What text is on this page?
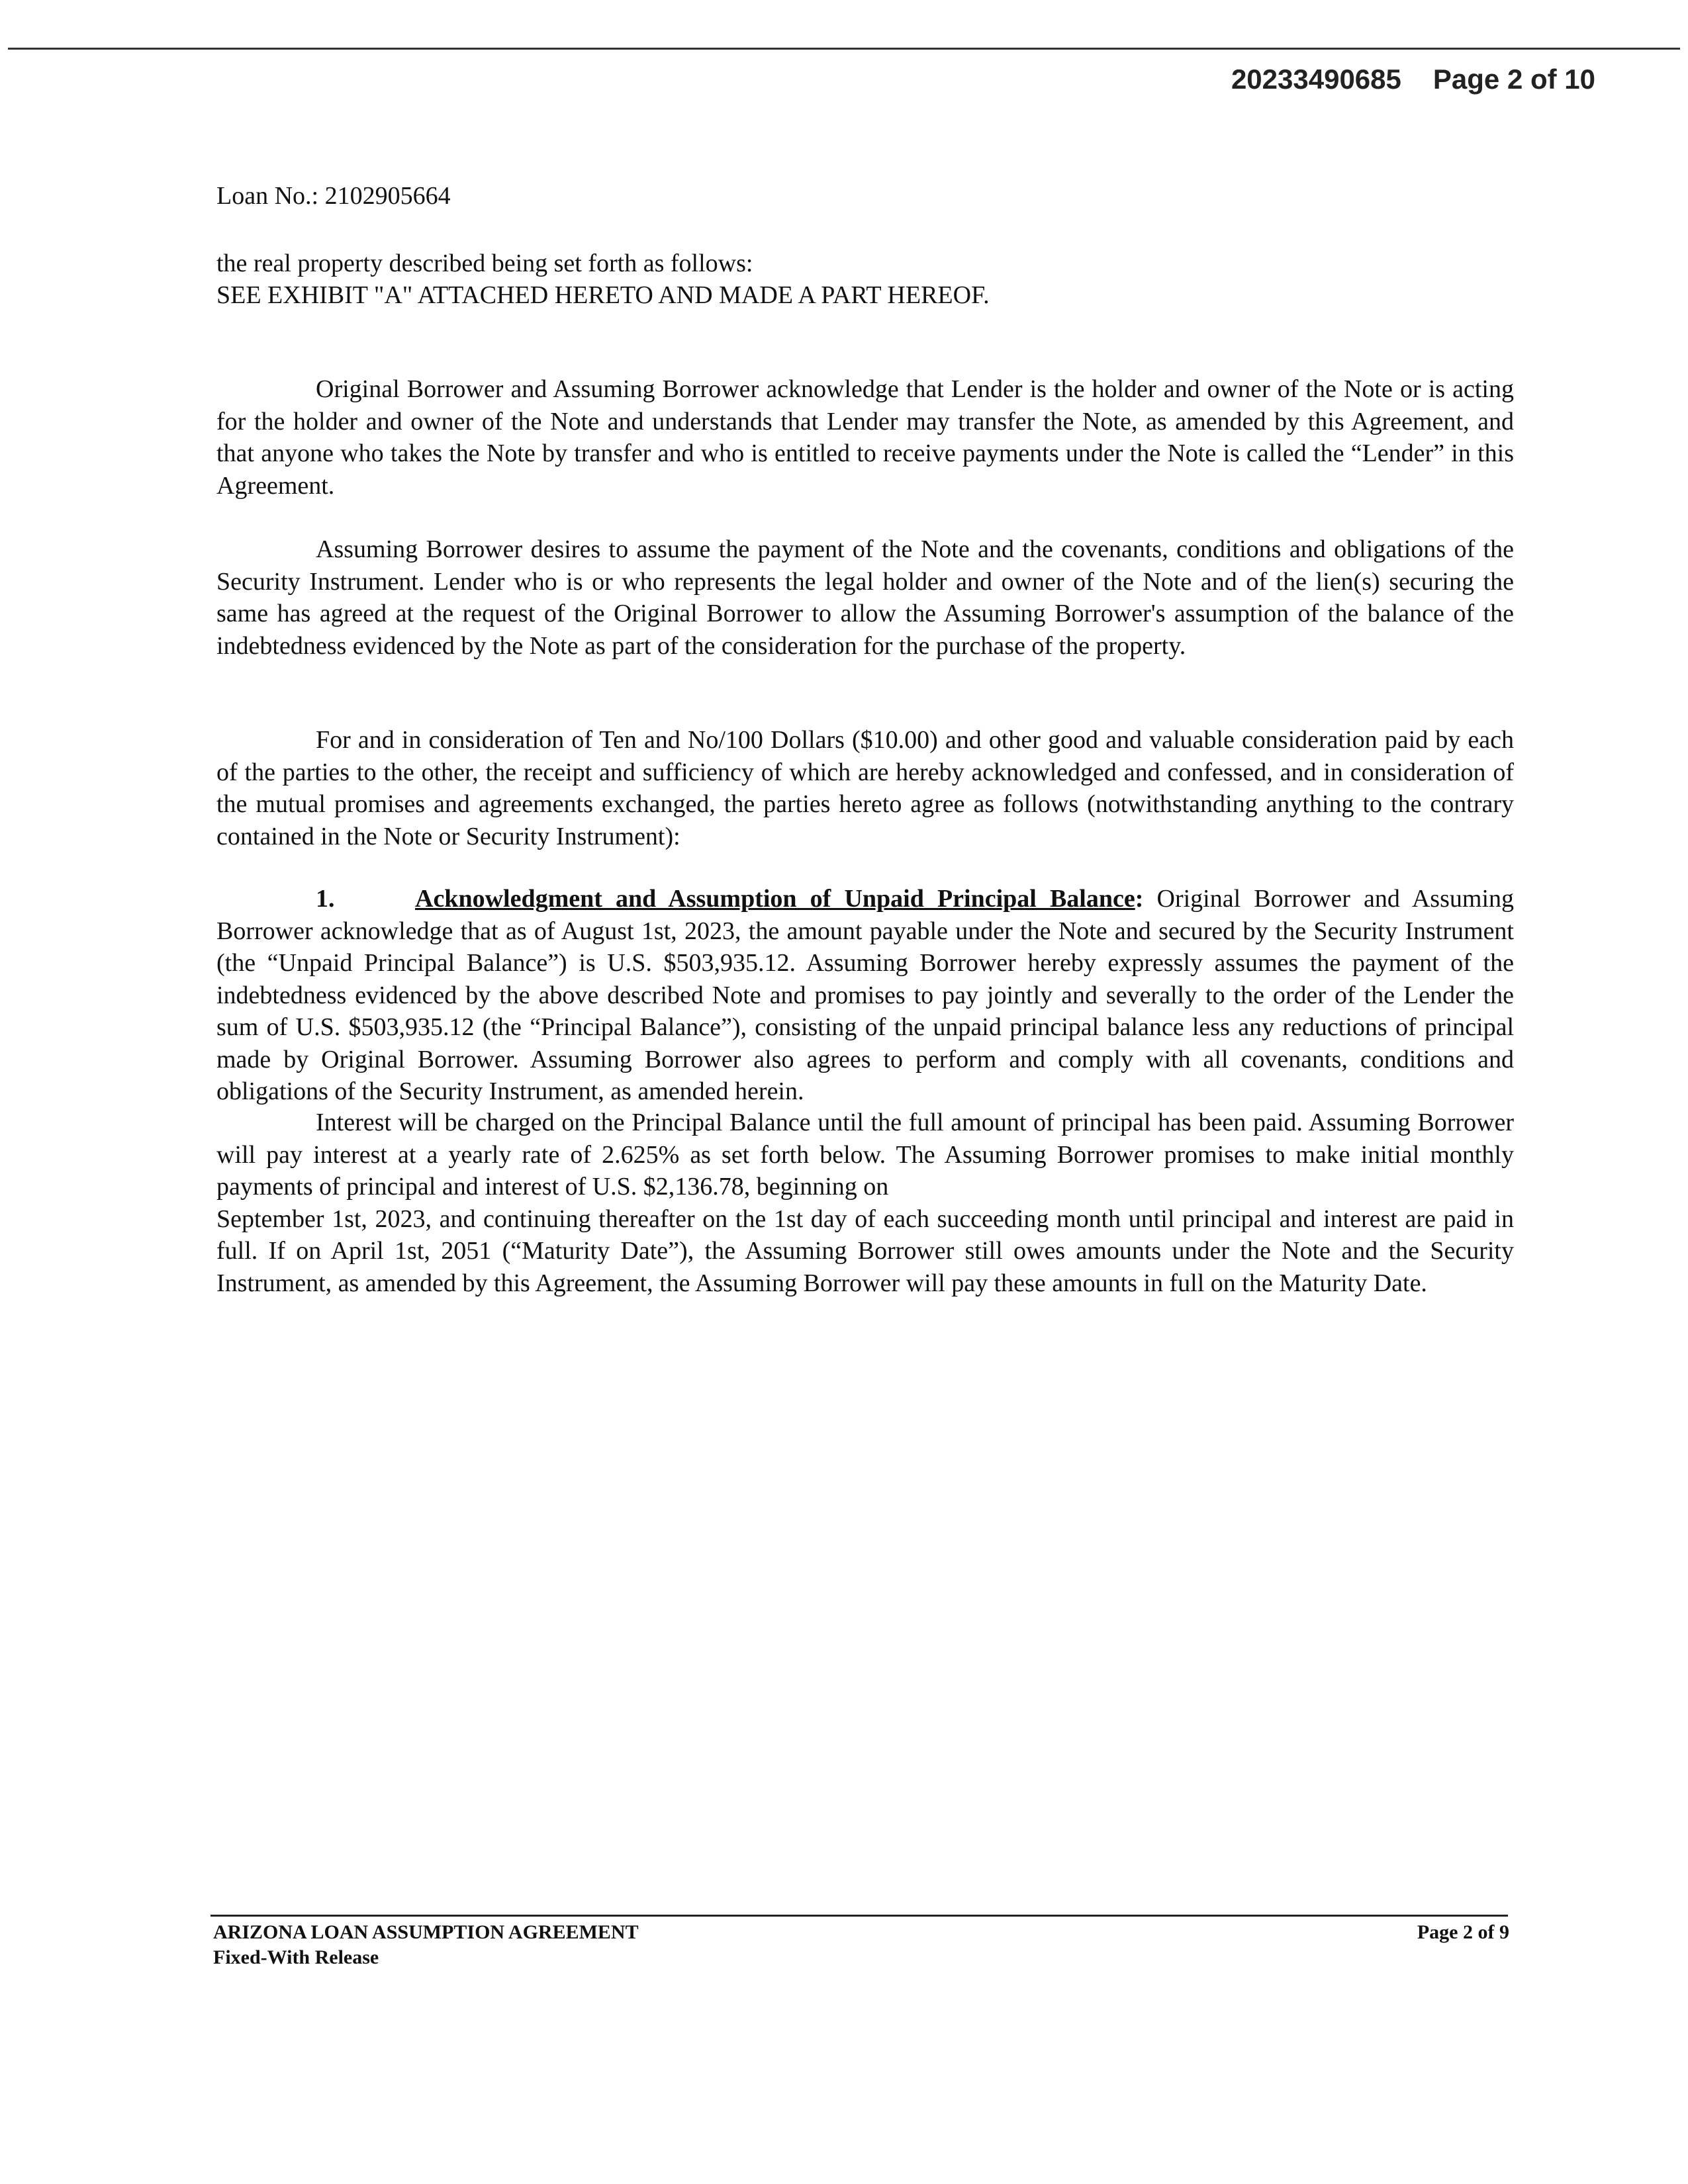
20233490685 Page 2 of 10
Loan No.: 2102905664
the real property described being set forth as follows:
SEE EXHIBIT "A" ATTACHED HERETO AND MADE A PART HEREOF.
Original Borrower and Assuming Borrower acknowledge that Lender is the holder and owner of the Note or is acting for the holder and owner of the Note and understands that Lender may transfer the Note, as amended by this Agreement, and that anyone who takes the Note by transfer and who is entitled to receive payments under the Note is called the “Lender” in this Agreement.
Assuming Borrower desires to assume the payment of the Note and the covenants, conditions and obligations of the Security Instrument. Lender who is or who represents the legal holder and owner of the Note and of the lien(s) securing the same has agreed at the request of the Original Borrower to allow the Assuming Borrower's assumption of the balance of the indebtedness evidenced by the Note as part of the consideration for the purchase of the property.
For and in consideration of Ten and No/100 Dollars ($10.00) and other good and valuable consideration paid by each of the parties to the other, the receipt and sufficiency of which are hereby acknowledged and confessed, and in consideration of the mutual promises and agreements exchanged, the parties hereto agree as follows (notwithstanding anything to the contrary contained in the Note or Security Instrument):
1.	Acknowledgment and Assumption of Unpaid Principal Balance: Original Borrower and Assuming Borrower acknowledge that as of August 1st, 2023, the amount payable under the Note and secured by the Security Instrument (the “Unpaid Principal Balance”) is U.S. $503,935.12. Assuming Borrower hereby expressly assumes the payment of the indebtedness evidenced by the above described Note and promises to pay jointly and severally to the order of the Lender the sum of U.S. $503,935.12 (the “Principal Balance”), consisting of the unpaid principal balance less any reductions of principal made by Original Borrower. Assuming Borrower also agrees to perform and comply with all covenants, conditions and obligations of the Security Instrument, as amended herein.
Interest will be charged on the Principal Balance until the full amount of principal has been paid. Assuming Borrower will pay interest at a yearly rate of 2.625% as set forth below. The Assuming Borrower promises to make initial monthly payments of principal and interest of U.S. $2,136.78, beginning on
September 1st, 2023, and continuing thereafter on the 1st day of each succeeding month until principal and interest are paid in full. If on April 1st, 2051 (“Maturity Date”), the Assuming Borrower still owes amounts under the Note and the Security Instrument, as amended by this Agreement, the Assuming Borrower will pay these amounts in full on the Maturity Date.
ARIZONA LOAN ASSUMPTION AGREEMENT
Fixed-With Release
Page 2 of 9
